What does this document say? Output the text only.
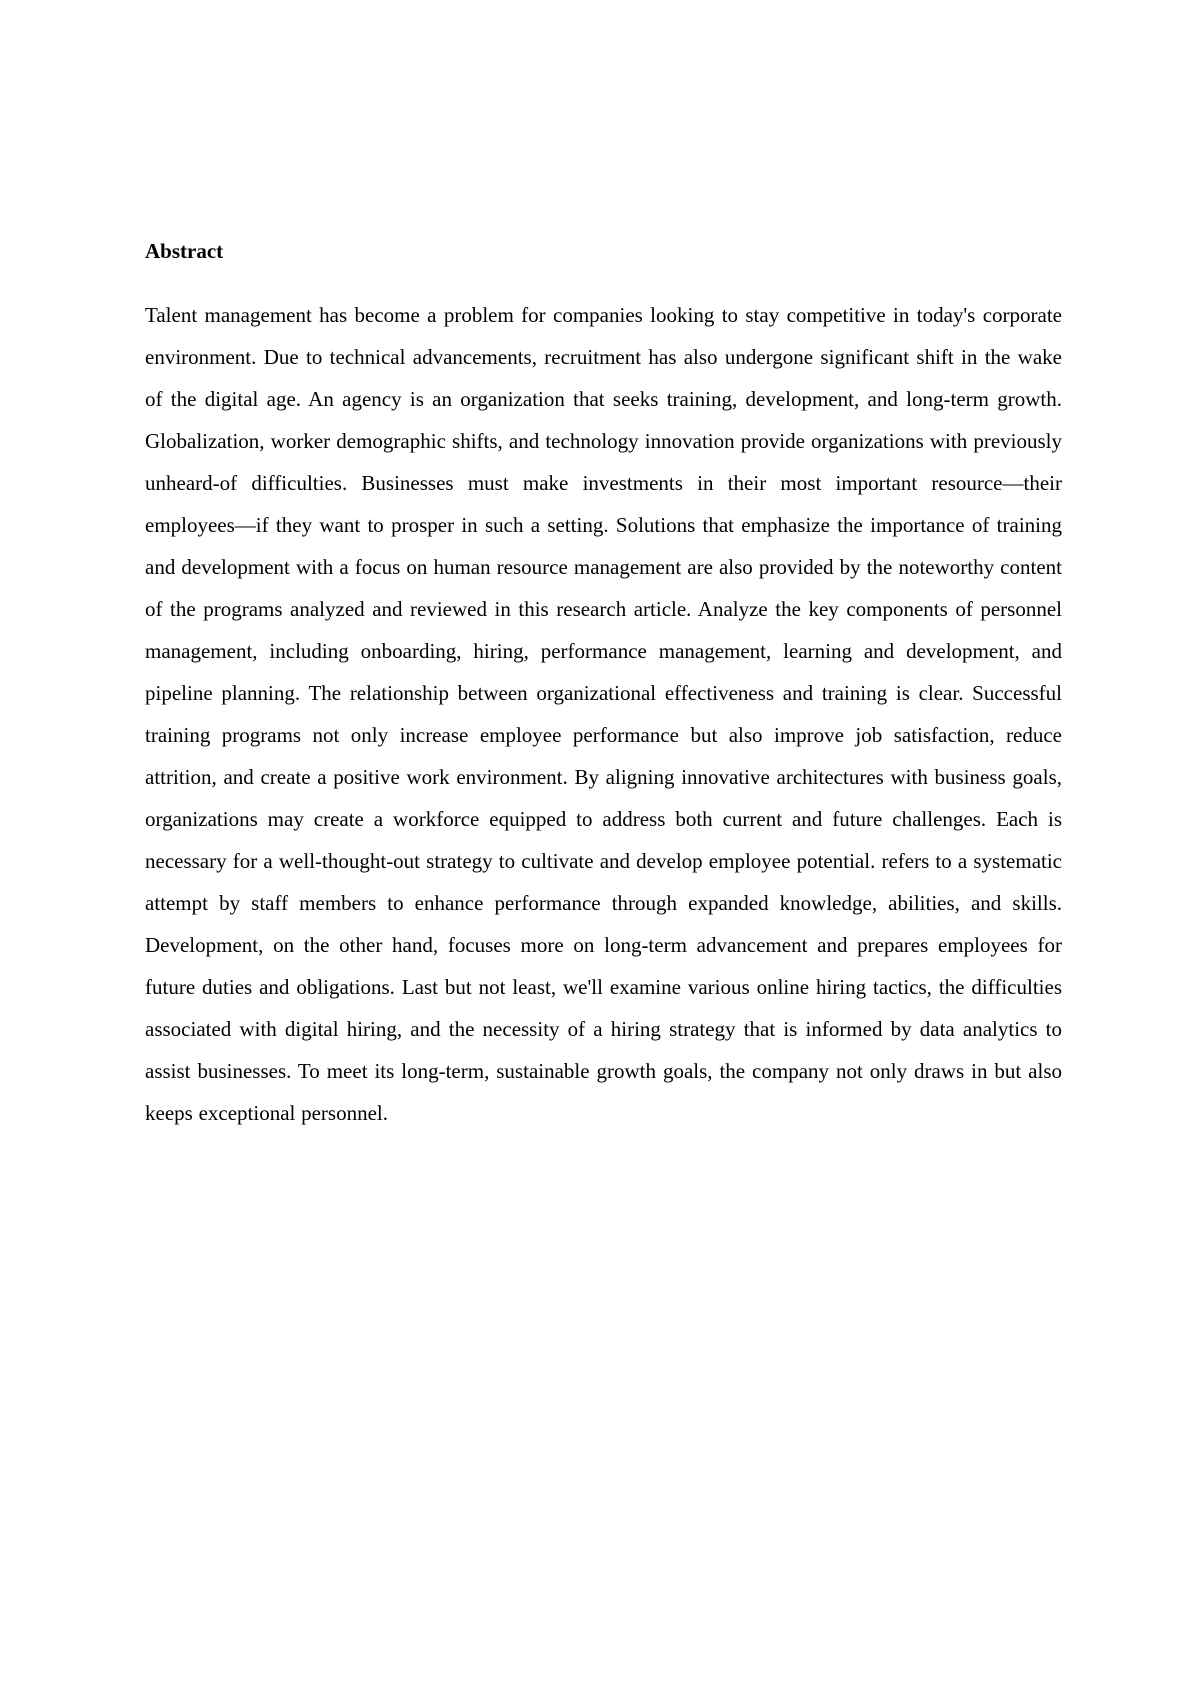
Abstract

Talent management has become a problem for companies looking to stay competitive in today's corporate environment. Due to technical advancements, recruitment has also undergone significant shift in the wake of the digital age. An agency is an organization that seeks training, development, and long-term growth. Globalization, worker demographic shifts, and technology innovation provide organizations with previously unheard-of difficulties. Businesses must make investments in their most important resource—their employees—if they want to prosper in such a setting. Solutions that emphasize the importance of training and development with a focus on human resource management are also provided by the noteworthy content of the programs analyzed and reviewed in this research article. Analyze the key components of personnel management, including onboarding, hiring, performance management, learning and development, and pipeline planning. The relationship between organizational effectiveness and training is clear. Successful training programs not only increase employee performance but also improve job satisfaction, reduce attrition, and create a positive work environment. By aligning innovative architectures with business goals, organizations may create a workforce equipped to address both current and future challenges. Each is necessary for a well-thought-out strategy to cultivate and develop employee potential. refers to a systematic attempt by staff members to enhance performance through expanded knowledge, abilities, and skills. Development, on the other hand, focuses more on long-term advancement and prepares employees for future duties and obligations. Last but not least, we'll examine various online hiring tactics, the difficulties associated with digital hiring, and the necessity of a hiring strategy that is informed by data analytics to assist businesses. To meet its long-term, sustainable growth goals, the company not only draws in but also keeps exceptional personnel.
